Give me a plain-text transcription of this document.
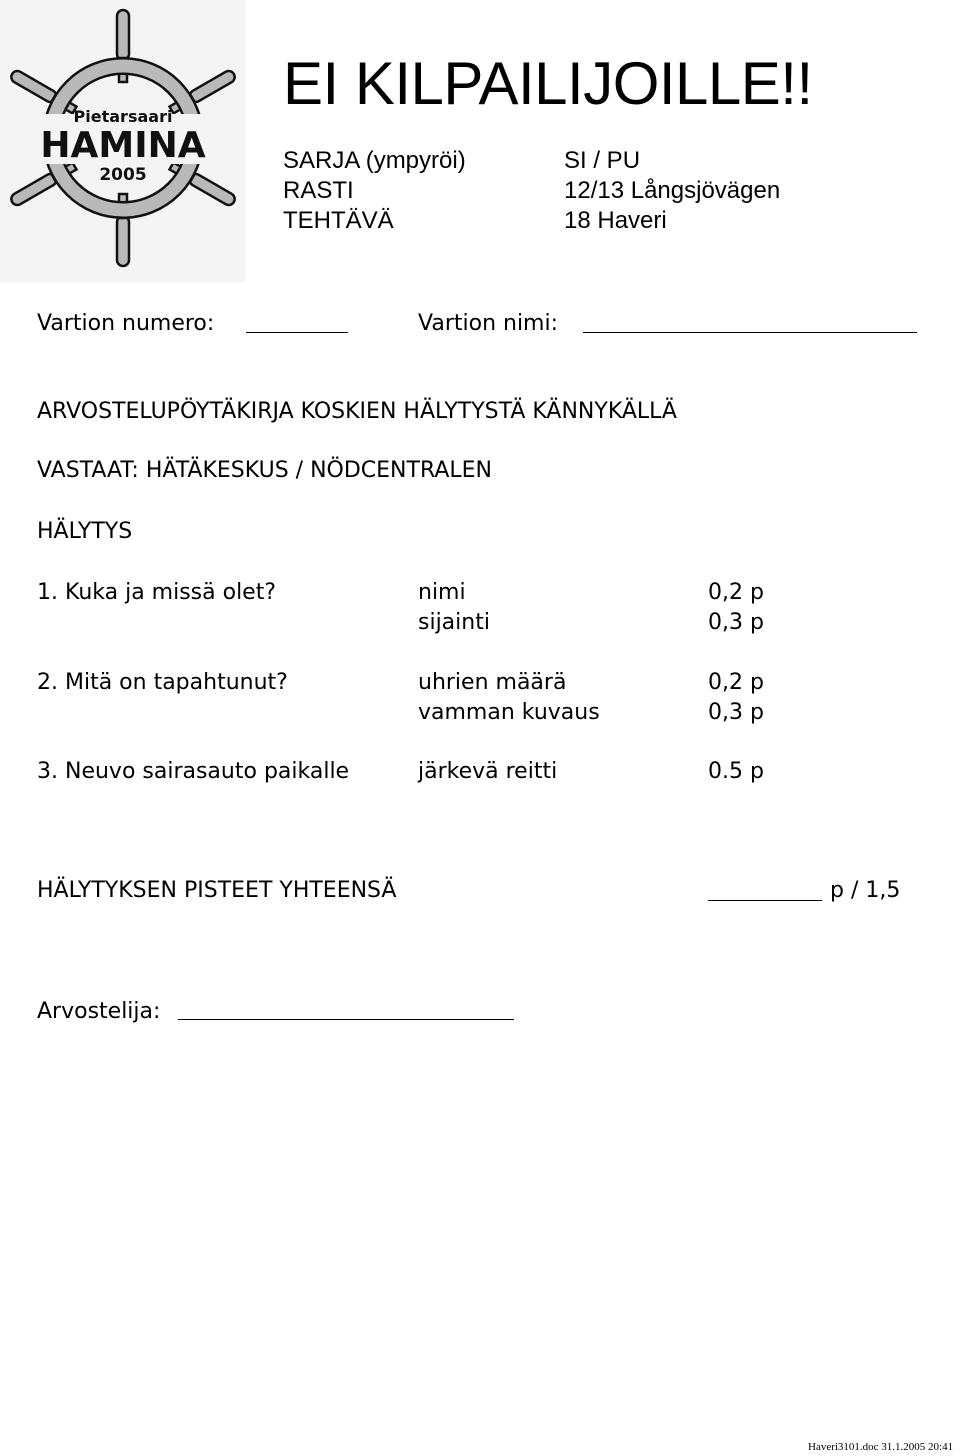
Pietarsaari
HAMINA
2005
EI KILPAILIJOILLE!!
SARJA (ympyröi)	SI / PU
RASTI	12/13 Långsjövägen
TEHTÄVÄ	18 Haveri
Vartion numero:	Vartion nimi:
ARVOSTELUPÖYTÄKIRJA KOSKIEN HÄLYTYSTÄ KÄNNYKÄLLÄ
VASTAAT: HÄTÄKESKUS / NÖDCENTRALEN
HÄLYTYS
1. Kuka ja missä olet?	nimi	0,2 p
sijainti	0,3 p
2. Mitä on tapahtunut?	uhrien määrä	0,2 p
vamman kuvaus	0,3 p
3. Neuvo sairasauto paikalle	järkevä reitti	0.5 p
HÄLYTYKSEN PISTEET YHTEENSÄ	p / 1,5
Arvostelija:
Haveri3101.doc 31.1.2005 20:41
